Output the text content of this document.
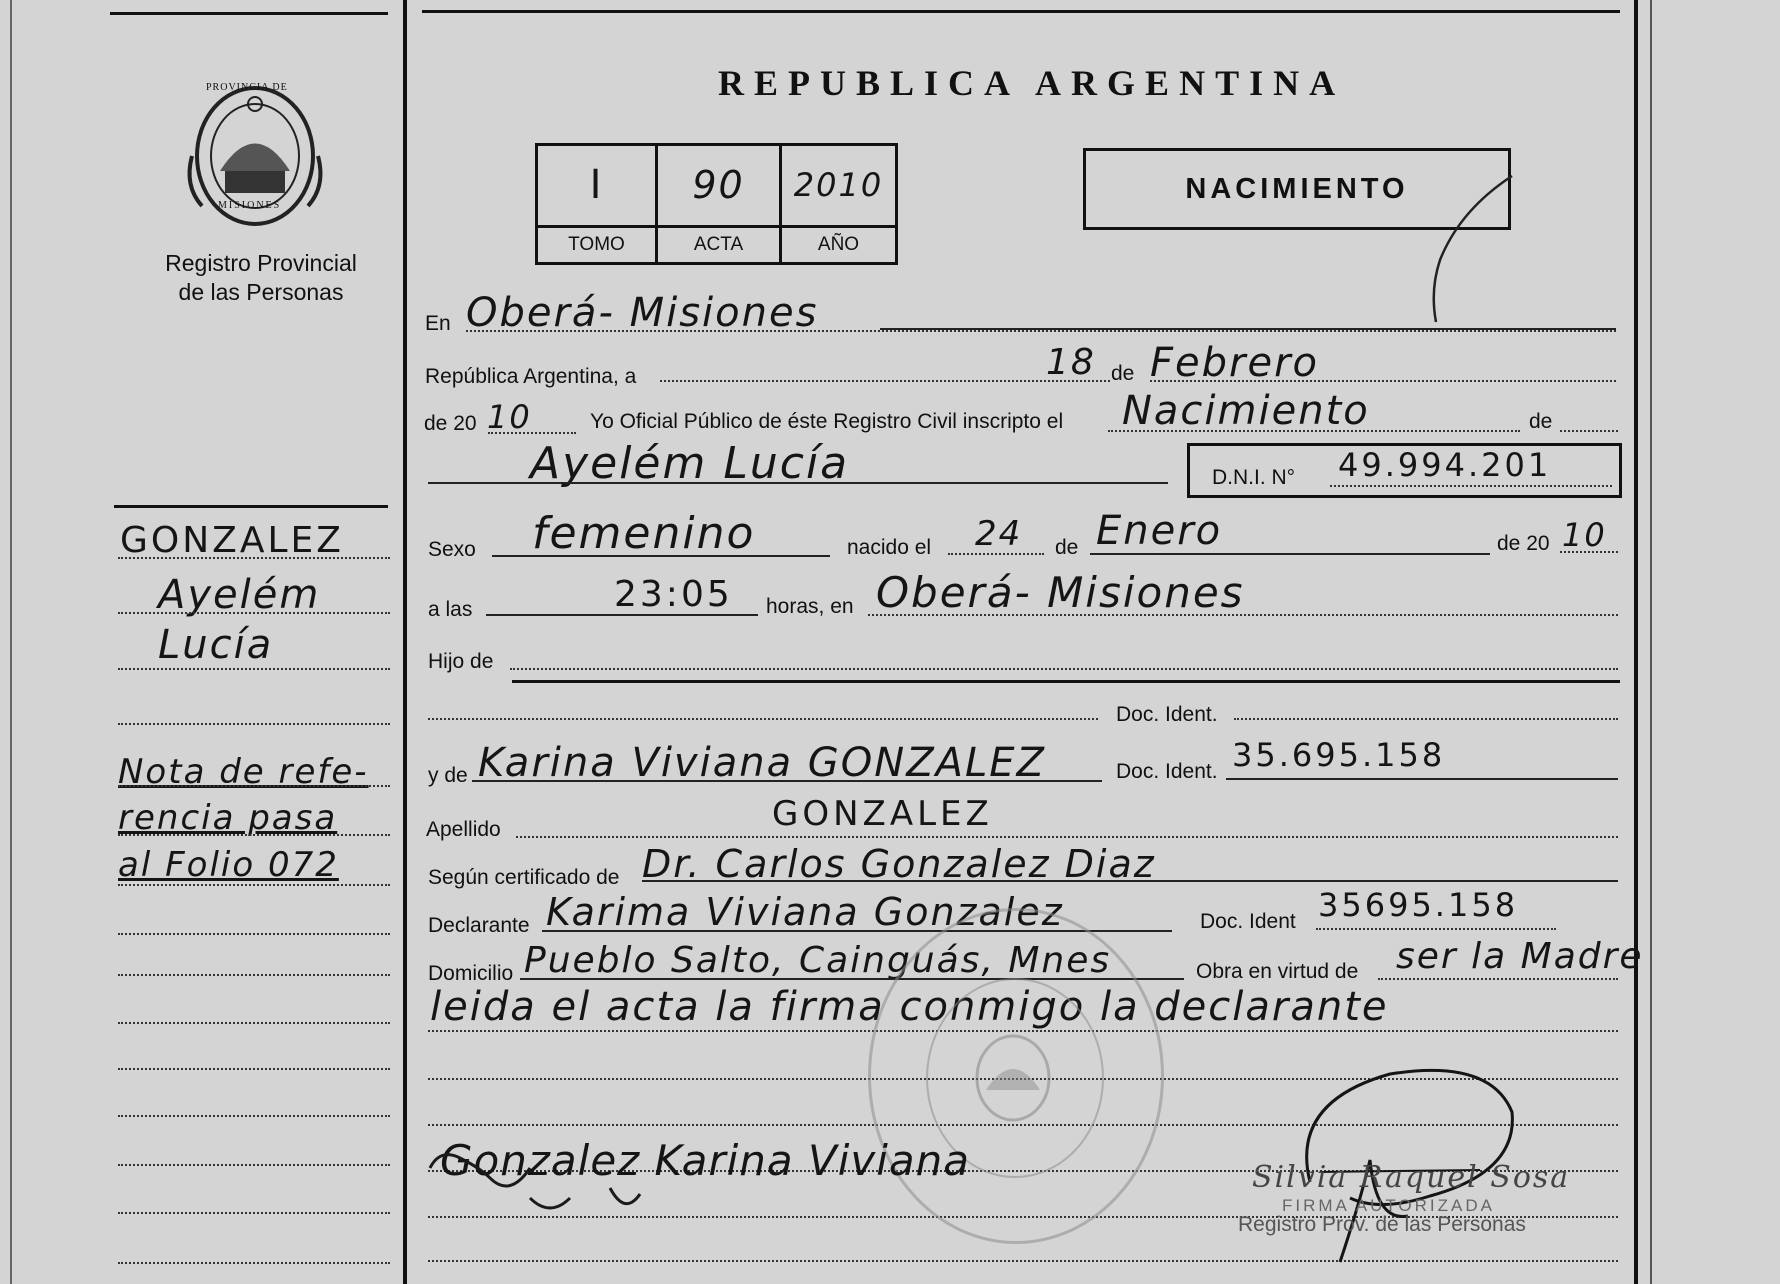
PROVINCIA DE
MISIONES
Registro Provincial
de las Personas
GONZALEZ
Ayelém
Lucía
Nota de refe-
rencia pasa
al Folio 072
REPUBLICA ARGENTINA
I	90	2010
TOMO	ACTA	AÑO
NACIMIENTO
En Oberá- Misiones
República Argentina, a	18 de Febrero
de 20 10	Yo Oficial Público de éste Registro Civil inscripto el Nacimiento	de
Ayelém Lucía	D.N.I. N° 49.994.201
Sexo femenino	nacido el 24 de Enero	de 20 10
a las	23:05 horas, en Oberá- Misiones
Hijo de
Doc. Ident.
y de Karina Viviana GONZALEZ	Doc. Ident. 35.695.158
Apellido	GONZALEZ
Según certificado de Dr. Carlos Gonzalez Diaz
Declarante Karima Viviana Gonzalez	Doc. Ident 35695.158
Domicilio Pueblo Salto, Cainguás, Mnes	Obra en virtud de ser la Madre
leida el acta la firma conmigo la declarante
Gonzalez Karina Viviana	Silvia Raquel Sosa
FIRMA AUTORIZADA
Registro Prov. de las Personas
